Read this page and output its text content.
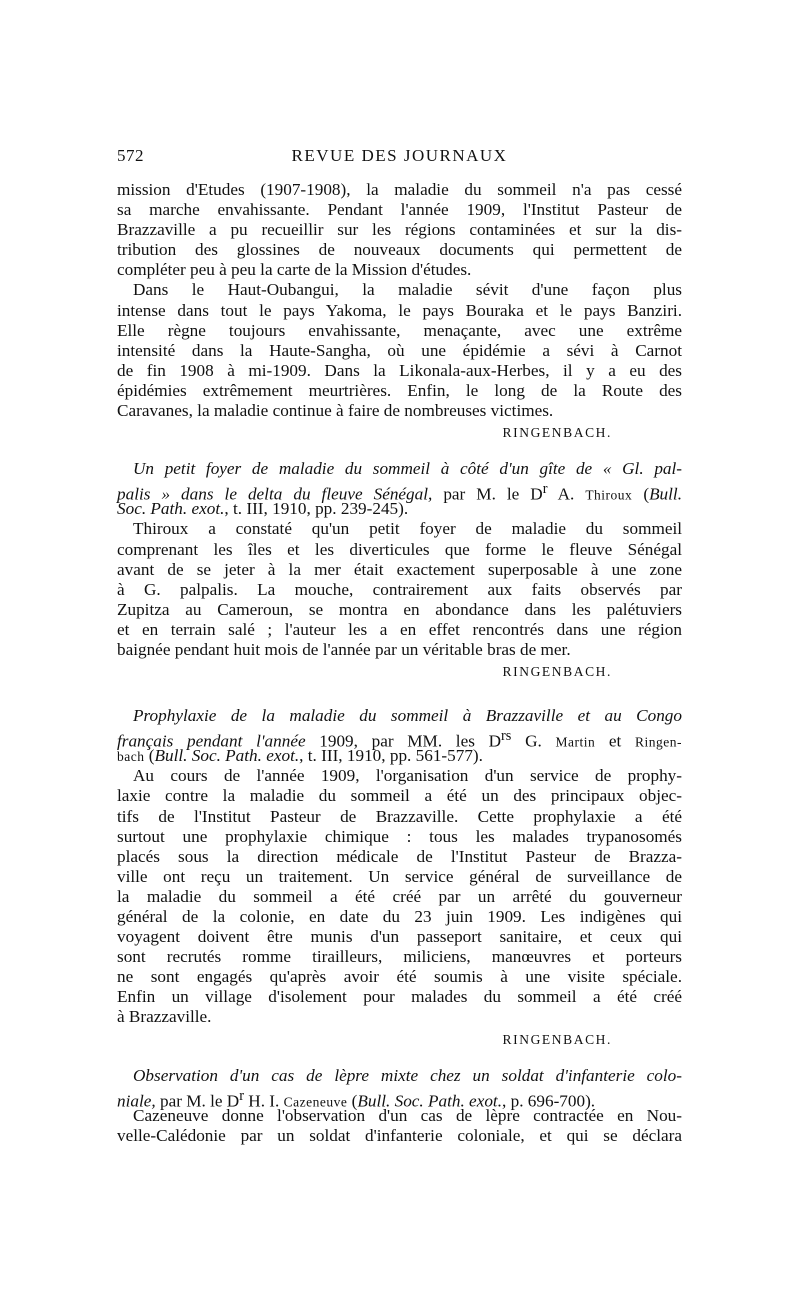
572	REVUE DES JOURNAUX
mission d'Etudes (1907-1908), la maladie du sommeil n'a pas cessé
sa marche envahissante. Pendant l'année 1909, l'Institut Pasteur de
Brazzaville a pu recueillir sur les régions contaminées et sur la dis-
tribution des glossines de nouveaux documents qui permettent de
compléter peu à peu la carte de la Mission d'études.
Dans le Haut-Oubangui, la maladie sévit d'une façon plus
intense dans tout le pays Yakoma, le pays Bouraka et le pays Banziri.
Elle règne toujours envahissante, menaçante, avec une extrême
intensité dans la Haute-Sangha, où une épidémie a sévi à Carnot
de fin 1908 à mi-1909. Dans la Likonala-aux-Herbes, il y a eu des
épidémies extrêmement meurtrières. Enfin, le long de la Route des
Caravanes, la maladie continue à faire de nombreuses victimes.
RINGENBACH.
Un petit foyer de maladie du sommeil à côté d'un gîte de « Gl. pal-
palis » dans le delta du fleuve Sénégal, par M. le $D^r$ A. Thiroux (Bull.
Soc. Path. exot., t. III, 1910, pp. 239-245).
Thiroux a constaté qu'un petit foyer de maladie du sommeil
comprenant les îles et les diverticules que forme le fleuve Sénégal
avant de se jeter à la mer était exactement superposable à une zone
à G. palpalis. La mouche, contrairement aux faits observés par
Zupitza au Cameroun, se montra en abondance dans les palétuviers
et en terrain salé ; l'auteur les a en effet rencontrés dans une région
baignée pendant huit mois de l'année par un véritable bras de mer.
RINGENBACH.
Prophylaxie de la maladie du sommeil à Brazzaville et au Congo
français pendant l'année 1909, par MM. les $D^{rs}$ G. Martin et Ringen-
bach (Bull. Soc. Path. exot., t. III, 1910, pp. 561-577).
Au cours de l'année 1909, l'organisation d'un service de prophy-
laxie contre la maladie du sommeil a été un des principaux objec-
tifs de l'Institut Pasteur de Brazzaville. Cette prophylaxie a été
surtout une prophylaxie chimique : tous les malades trypanosomés
placés sous la direction médicale de l'Institut Pasteur de Brazza-
ville ont reçu un traitement. Un service général de surveillance de
la maladie du sommeil a été créé par un arrêté du gouverneur
général de la colonie, en date du 23 juin 1909. Les indigènes qui
voyagent doivent être munis d'un passeport sanitaire, et ceux qui
sont recrutés romme tirailleurs, miliciens, manœuvres et porteurs
ne sont engagés qu'après avoir été soumis à une visite spéciale.
Enfin un village d'isolement pour malades du sommeil a été créé
à Brazzaville.
RINGENBACH.
Observation d'un cas de lèpre mixte chez un soldat d'infanterie colo-
niale, par M. le $D^r$ H. I. Cazeneuve (Bull. Soc. Path. exot., p. 696-700).
Cazeneuve donne l'observation d'un cas de lèpre contractée en Nou-
velle-Calédonie par un soldat d'infanterie coloniale, et qui se déclara
